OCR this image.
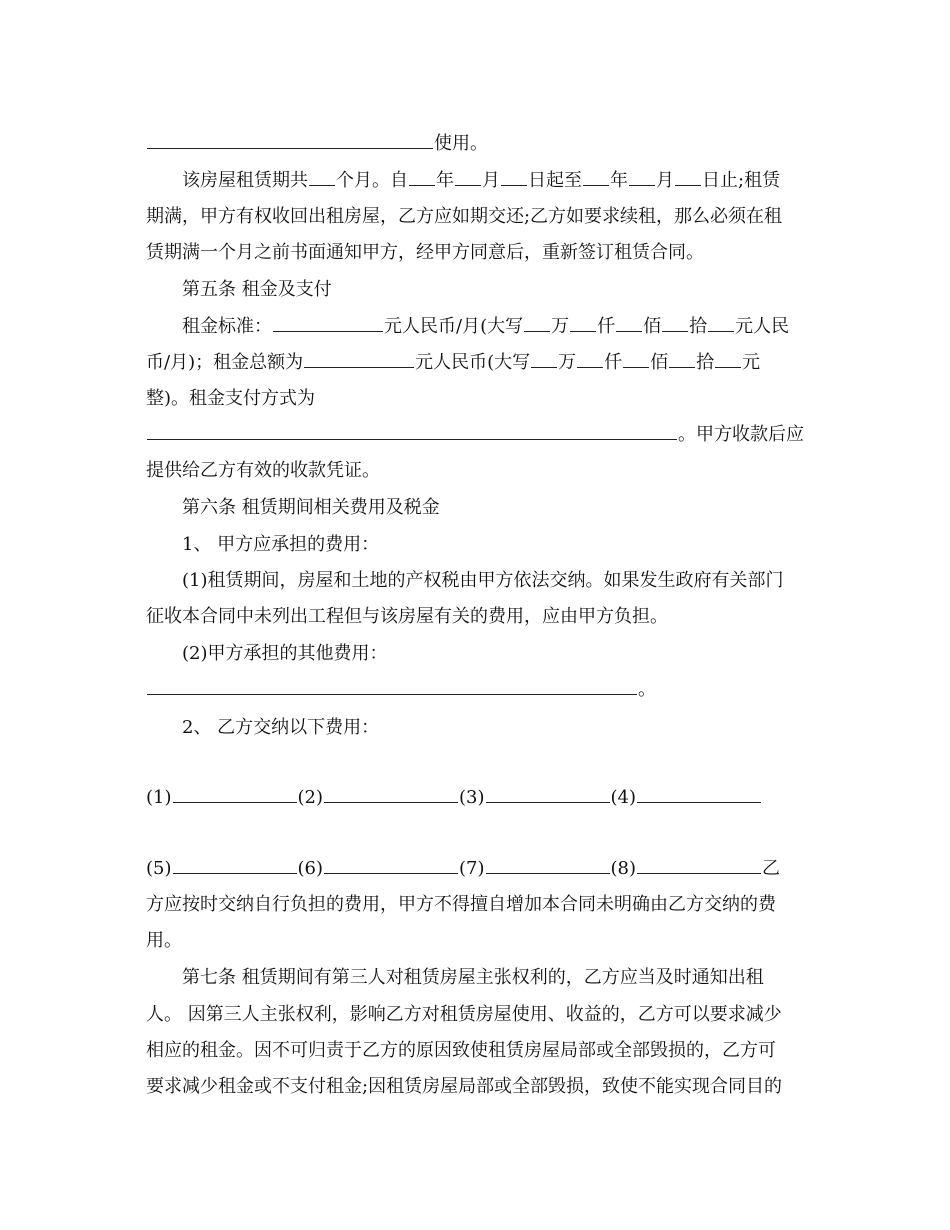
使用。
该房屋租赁期共 个月。自 年 月 日起至 年 月 日止;租赁
期满，甲方有权收回出租房屋，乙方应如期交还;乙方如要求续租，那么必须在租
赁期满一个月之前书面通知甲方，经甲方同意后，重新签订租赁合同。
第五条 租金及支付
租金标准：	元人民币/月(大写 万 仟 佰 拾 元人民
币/月)；租金总额为	元人民币(大写 万 仟 佰 拾 元
整)。租金支付方式为
。甲方收款后应
提供给乙方有效的收款凭证。
第六条 租赁期间相关费用及税金
1、 甲方应承担的费用：
(1)租赁期间，房屋和土地的产权税由甲方依法交纳。如果发生政府有关部门
征收本合同中未列出工程但与该房屋有关的费用，应由甲方负担。
(2)甲方承担的其他费用：
。
2、 乙方交纳以下费用：
(1)	(2)	(3)	(4)
(5)	(6)	(7)	(8)	乙
方应按时交纳自行负担的费用，甲方不得擅自增加本合同未明确由乙方交纳的费
用。
第七条 租赁期间有第三人对租赁房屋主张权利的，乙方应当及时通知出租
人。 因第三人主张权利，影响乙方对租赁房屋使用、收益的，乙方可以要求减少
相应的租金。因不可归责于乙方的原因致使租赁房屋局部或全部毁损的，乙方可
要求减少租金或不支付租金;因租赁房屋局部或全部毁损，致使不能实现合同目的
